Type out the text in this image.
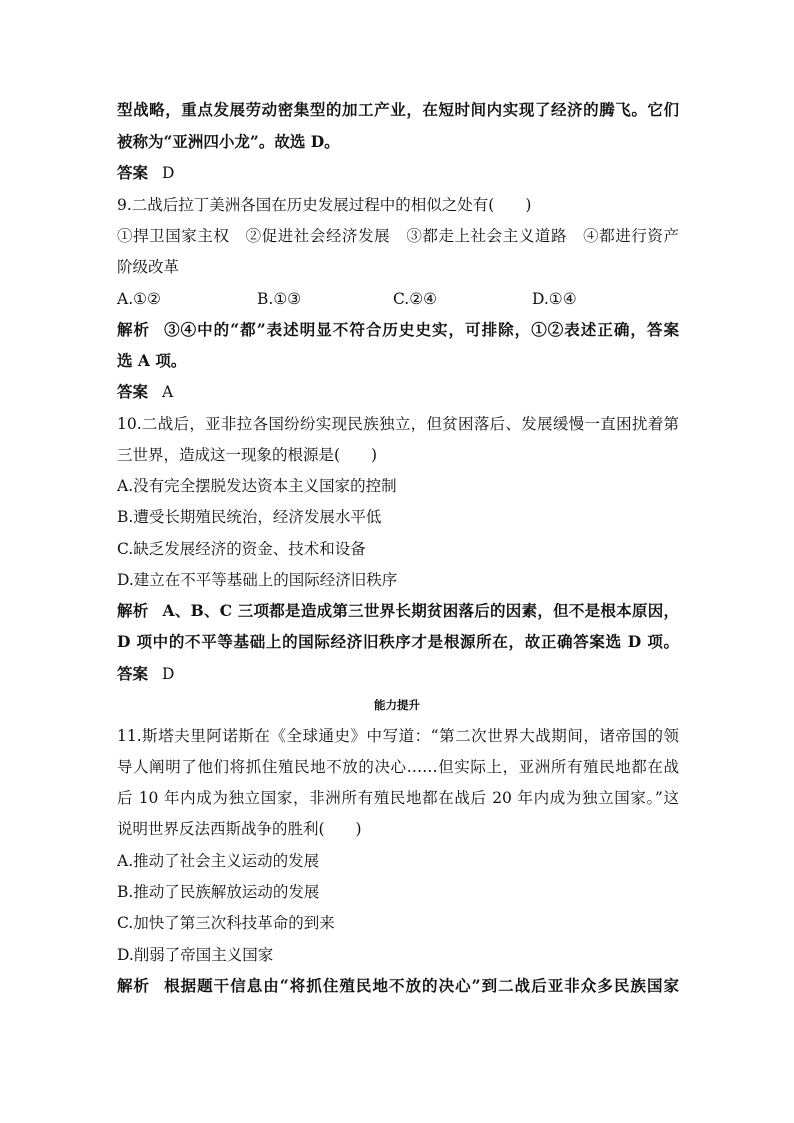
型战略，重点发展劳动密集型的加工产业，在短时间内实现了经济的腾飞。它们
被称为“亚洲四小龙”。故选 D。
答案 D
9.二战后拉丁美洲各国在历史发展过程中的相似之处有(　　)
①捍卫国家主权　②促进社会经济发展　③都走上社会主义道路　④都进行资产
阶级改革
A.①②	B.①③	C.②④	D.①④
解析 ③④中的“都”表述明显不符合历史史实，可排除，①②表述正确，答案
选 A 项。
答案 A
10.二战后，亚非拉各国纷纷实现民族独立，但贫困落后、发展缓慢一直困扰着第
三世界，造成这一现象的根源是(　　)
A.没有完全摆脱发达资本主义国家的控制
B.遭受长期殖民统治，经济发展水平低
C.缺乏发展经济的资金、技术和设备
D.建立在不平等基础上的国际经济旧秩序
解析 A、B、C 三项都是造成第三世界长期贫困落后的因素，但不是根本原因，
D 项中的不平等基础上的国际经济旧秩序才是根源所在，故正确答案选 D 项。
答案 D
能力提升
11.斯塔夫里阿诺斯在《全球通史》中写道：“第二次世界大战期间，诸帝国的领
导人阐明了他们将抓住殖民地不放的决心……但实际上，亚洲所有殖民地都在战
后 10 年内成为独立国家，非洲所有殖民地都在战后 20 年内成为独立国家。”这
说明世界反法西斯战争的胜利(　　)
A.推动了社会主义运动的发展
B.推动了民族解放运动的发展
C.加快了第三次科技革命的到来
D.削弱了帝国主义国家
解析 根据题干信息由“将抓住殖民地不放的决心”到二战后亚非众多民族国家
